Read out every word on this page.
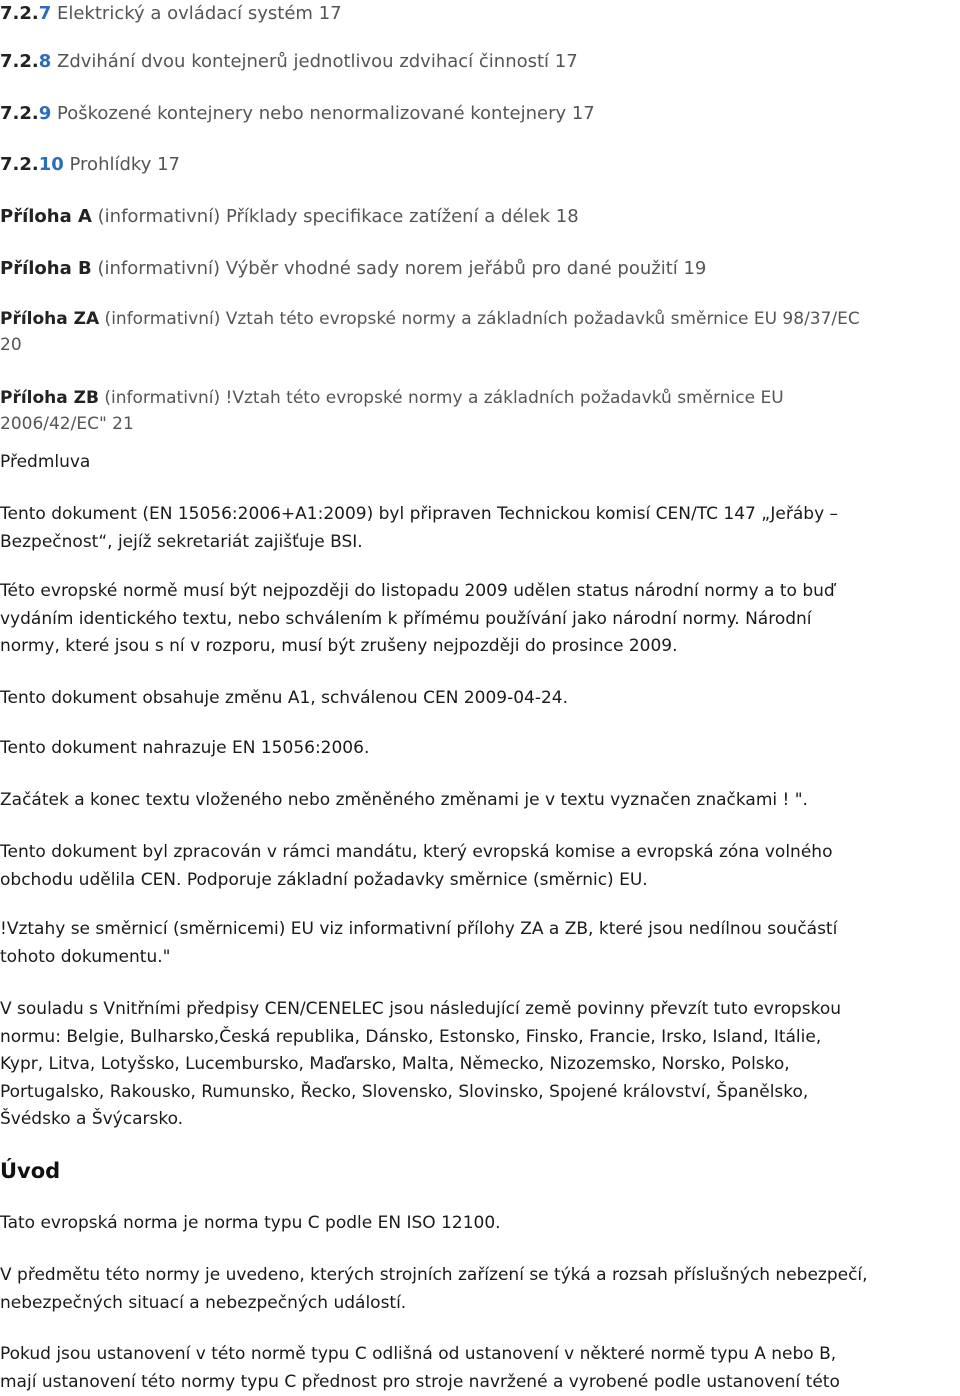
7.2.7 Elektrický a ovládací systém 17
7.2.8 Zdvihání dvou kontejnerů jednotlivou zdvihací činností 17
7.2.9 Poškozené kontejnery nebo nenormalizované kontejnery 17
7.2.10 Prohlídky 17
Příloha A (informativní) Příklady specifikace zatížení a délek 18
Příloha B (informativní) Výběr vhodné sady norem jeřábů pro dané použití 19
Příloha ZA (informativní) Vztah této evropské normy a základních požadavků směrnice EU 98/37/EC
20
Příloha ZB (informativní) !Vztah této evropské normy a základních požadavků směrnice EU
2006/42/EC" 21
Předmluva
Tento dokument (EN 15056:2006+A1:2009) byl připraven Technickou komisí CEN/TC 147 „Jeřáby –
Bezpečnost“, jejíž sekretariát zajišťuje BSI.
Této evropské normě musí být nejpozději do listopadu 2009 udělen status národní normy a to buď
vydáním identického textu, nebo schválením k přímému používání jako národní normy. Národní
normy, které jsou s ní v rozporu, musí být zrušeny nejpozději do prosince 2009.
Tento dokument obsahuje změnu A1, schválenou CEN 2009-04-24.
Tento dokument nahrazuje EN 15056:2006.
Začátek a konec textu vloženého nebo změněného změnami je v textu vyznačen značkami ! ".
Tento dokument byl zpracován v rámci mandátu, který evropská komise a evropská zóna volného
obchodu udělila CEN. Podporuje základní požadavky směrnice (směrnic) EU.
!Vztahy se směrnicí (směrnicemi) EU viz informativní přílohy ZA a ZB, které jsou nedílnou součástí
tohoto dokumentu."
V souladu s Vnitřními předpisy CEN/CENELEC jsou následující země povinny převzít tuto evropskou
normu: Belgie, Bulharsko,Česká republika, Dánsko, Estonsko, Finsko, Francie, Irsko, Island, Itálie,
Kypr, Litva, Lotyšsko, Lucembursko, Maďarsko, Malta, Německo, Nizozemsko, Norsko, Polsko,
Portugalsko, Rakousko, Rumunsko, Řecko, Slovensko, Slovinsko, Spojené království, Španělsko,
Švédsko a Švýcarsko.
Úvod
Tato evropská norma je norma typu C podle EN ISO 12100.
V předmětu této normy je uvedeno, kterých strojních zařízení se týká a rozsah příslušných nebezpečí,
nebezpečných situací a nebezpečných událostí.
Pokud jsou ustanovení v této normě typu C odlišná od ustanovení v některé normě typu A nebo B,
mají ustanovení této normy typu C přednost pro stroje navržené a vyrobené podle ustanovení této
